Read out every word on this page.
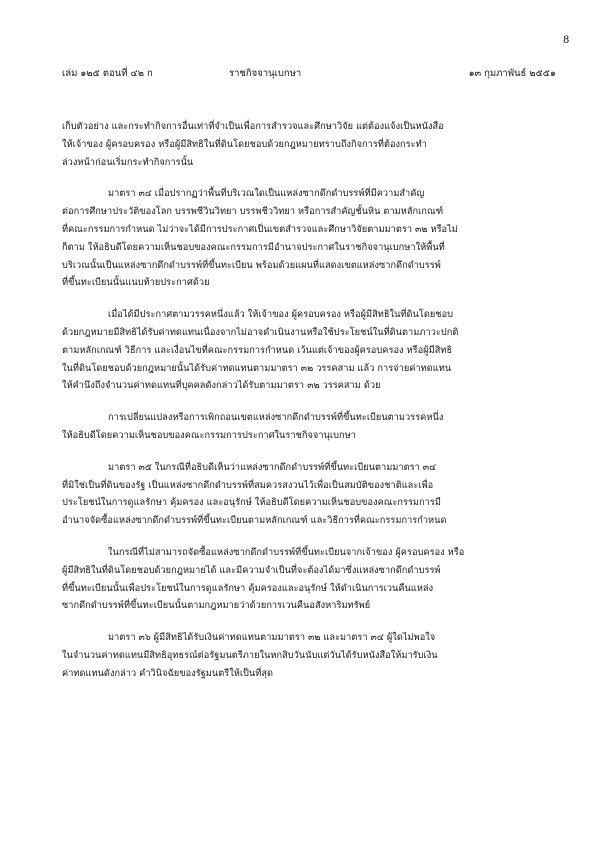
8
เล่ม ๑๒๕ ตอนที่ ๔๒ ก	ราชกิจจานุเบกษา	๑๓ กุมภาพันธ์ ๒๕๕๑
เก็บตัวอย่าง และกระทำกิจการอื่นเท่าที่จำเป็นเพื่อการสำรวจและศึกษาวิจัย แต่ต้องแจ้งเป็นหนังสือ
ให้เจ้าของ ผู้ครอบครอง หรือผู้มีสิทธิในที่ดินโดยชอบด้วยกฎหมายทราบถึงกิจการที่ต้องกระทำ
ล่วงหน้าก่อนเริ่มกระทำกิจการนั้น
มาตรา ๓๔ เมื่อปรากฏว่าพื้นที่บริเวณใดเป็นแหล่งซากดึกดำบรรพ์ที่มีความสำคัญ
ต่อการศึกษาประวัติของโลก บรรพชีวินวิทยา บรรพชีววิทยา หรือการสำคัญชั้นหิน ตามหลักเกณฑ์
ที่คณะกรรมการกำหนด ไม่ว่าจะได้มีการประกาศเป็นเขตสำรวจและศึกษาวิจัยตามมาตรา ๓๒ หรือไม่
ก็ตาม ให้อธิบดีโดยความเห็นชอบของคณะกรรมการมีอำนาจประกาศในราชกิจจานุเบกษาให้พื้นที่
บริเวณนั้นเป็นแหล่งซากดึกดำบรรพ์ที่ขึ้นทะเบียน พร้อมด้วยแผนที่แสดงเขตแหล่งซากดึกดำบรรพ์
ที่ขึ้นทะเบียนนั้นแนบท้ายประกาศด้วย
เมื่อได้มีประกาศตามวรรคหนึ่งแล้ว ให้เจ้าของ ผู้ครอบครอง หรือผู้มีสิทธิในที่ดินโดยชอบ
ด้วยกฎหมายมีสิทธิได้รับค่าทดแทนเนื่องจากไม่อาจดำเนินงานหรือใช้ประโยชน์ในที่ดินตามภาวะปกติ
ตามหลักเกณฑ์ วิธีการ และเงื่อนไขที่คณะกรรมการกำหนด เว้นแต่เจ้าของผู้ครอบครอง หรือผู้มีสิทธิ
ในที่ดินโดยชอบด้วยกฎหมายนั้นได้รับค่าทดแทนตามมาตรา ๓๒ วรรคสาม แล้ว การจ่ายค่าทดแทน
ให้คำนึงถึงจำนวนค่าทดแทนที่บุคคลดังกล่าวได้รับตามมาตรา ๓๒ วรรคสาม ด้วย
การเปลี่ยนแปลงหรือการเพิกถอนเขตแหล่งซากดึกดำบรรพ์ที่ขึ้นทะเบียนตามวรรคหนึ่ง
ให้อธิบดีโดยความเห็นชอบของคณะกรรมการประกาศในราชกิจจานุเบกษา
มาตรา ๓๕ ในกรณีที่อธิบดีเห็นว่าแหล่งซากดึกดำบรรพ์ที่ขึ้นทะเบียนตามมาตรา ๓๔
ที่มิใช่เป็นที่ดินของรัฐ เป็นแหล่งซากดึกดำบรรพ์ที่สมควรสงวนไว้เพื่อเป็นสมบัติของชาติและเพื่อ
ประโยชน์ในการดูแลรักษา คุ้มครอง และอนุรักษ์ ให้อธิบดีโดยความเห็นชอบของคณะกรรมการมี
อำนาจจัดซื้อแหล่งซากดึกดำบรรพ์ที่ขึ้นทะเบียนตามหลักเกณฑ์ และวิธีการที่คณะกรรมการกำหนด
ในกรณีที่ไม่สามารถจัดซื้อแหล่งซากดึกดำบรรพ์ที่ขึ้นทะเบียนจากเจ้าของ ผู้ครอบครอง หรือ
ผู้มีสิทธิในที่ดินโดยชอบด้วยกฎหมายได้ และมีความจำเป็นที่จะต้องได้มาซึ่งแหล่งซากดึกดำบรรพ์
ที่ขึ้นทะเบียนนั้นเพื่อประโยชน์ในการดูแลรักษา คุ้มครองและอนุรักษ์ ให้ดำเนินการเวนคืนแหล่ง
ซากดึกดำบรรพ์ที่ขึ้นทะเบียนนั้นตามกฎหมายว่าด้วยการเวนคืนอสังหาริมทรัพย์
มาตรา ๓๖ ผู้มีสิทธิได้รับเงินค่าทดแทนตามมาตรา ๓๒ และมาตรา ๓๔ ผู้ใดไม่พอใจ
ในจำนวนค่าทดแทนมีสิทธิอุทธรณ์ต่อรัฐมนตรีภายในหกสิบวันนับแต่วันได้รับหนังสือให้มารับเงิน
ค่าทดแทนดังกล่าว คำวินิจฉัยของรัฐมนตรีให้เป็นที่สุด
